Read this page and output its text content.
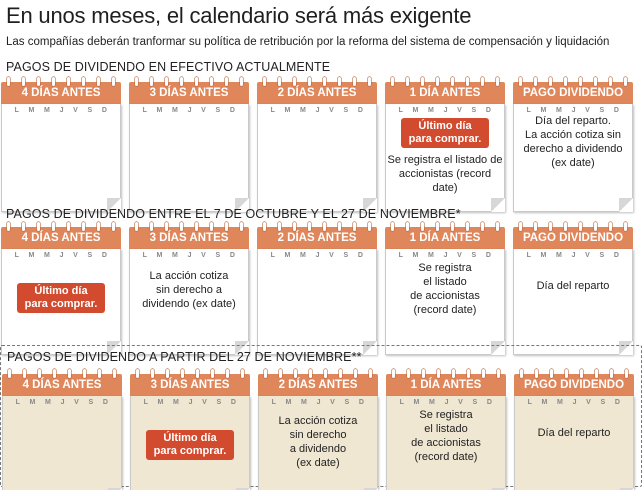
En unos meses, el calendario será más exigente
Las compañías deberán tranformar su política de retribución por la reforma del sistema de compensación y liquidación
PAGOS DE DIVIDENDO EN EFECTIVO ACTUALMENTE
4 DÍAS ANTES
L M M J V S D
3 DÍAS ANTES
L M M J V S D
2 DÍAS ANTES
L M M J V S D
1 DÍA ANTES
L M M J V S D
Último día
para comprar.
Se registra el listado de
accionistas (record date)
PAGO DIVIDENDO
L M M J V S D
Día del reparto.
La acción cotiza sin
derecho a dividendo
(ex date)
PAGOS DE DIVIDENDO ENTRE EL 7 DE OCTUBRE Y EL 27 DE NOVIEMBRE*
4 DÍAS ANTES
L M M J V S D
Último día
para comprar.
3 DÍAS ANTES
L M M J V S D
La acción cotiza
sin derecho a
dividendo (ex date)
2 DÍAS ANTES
L M M J V S D
1 DÍA ANTES
L M M J V S D
Se registra
el listado
de accionistas
(record date)
PAGO DIVIDENDO
L M M J V S D
Día del reparto
PAGOS DE DIVIDENDO A PARTIR DEL 27 DE NOVIEMBRE**
4 DÍAS ANTES
L M M J V S D
3 DÍAS ANTES
L M M J V S D
Último día
para comprar.
2 DÍAS ANTES
L M M J V S D
La acción cotiza
sin derecho
a dividendo
(ex date)
1 DÍA ANTES
L M M J V S D
Se registra
el listado
de accionistas
(record date)
PAGO DIVIDENDO
L M M J V S D
Día del reparto
